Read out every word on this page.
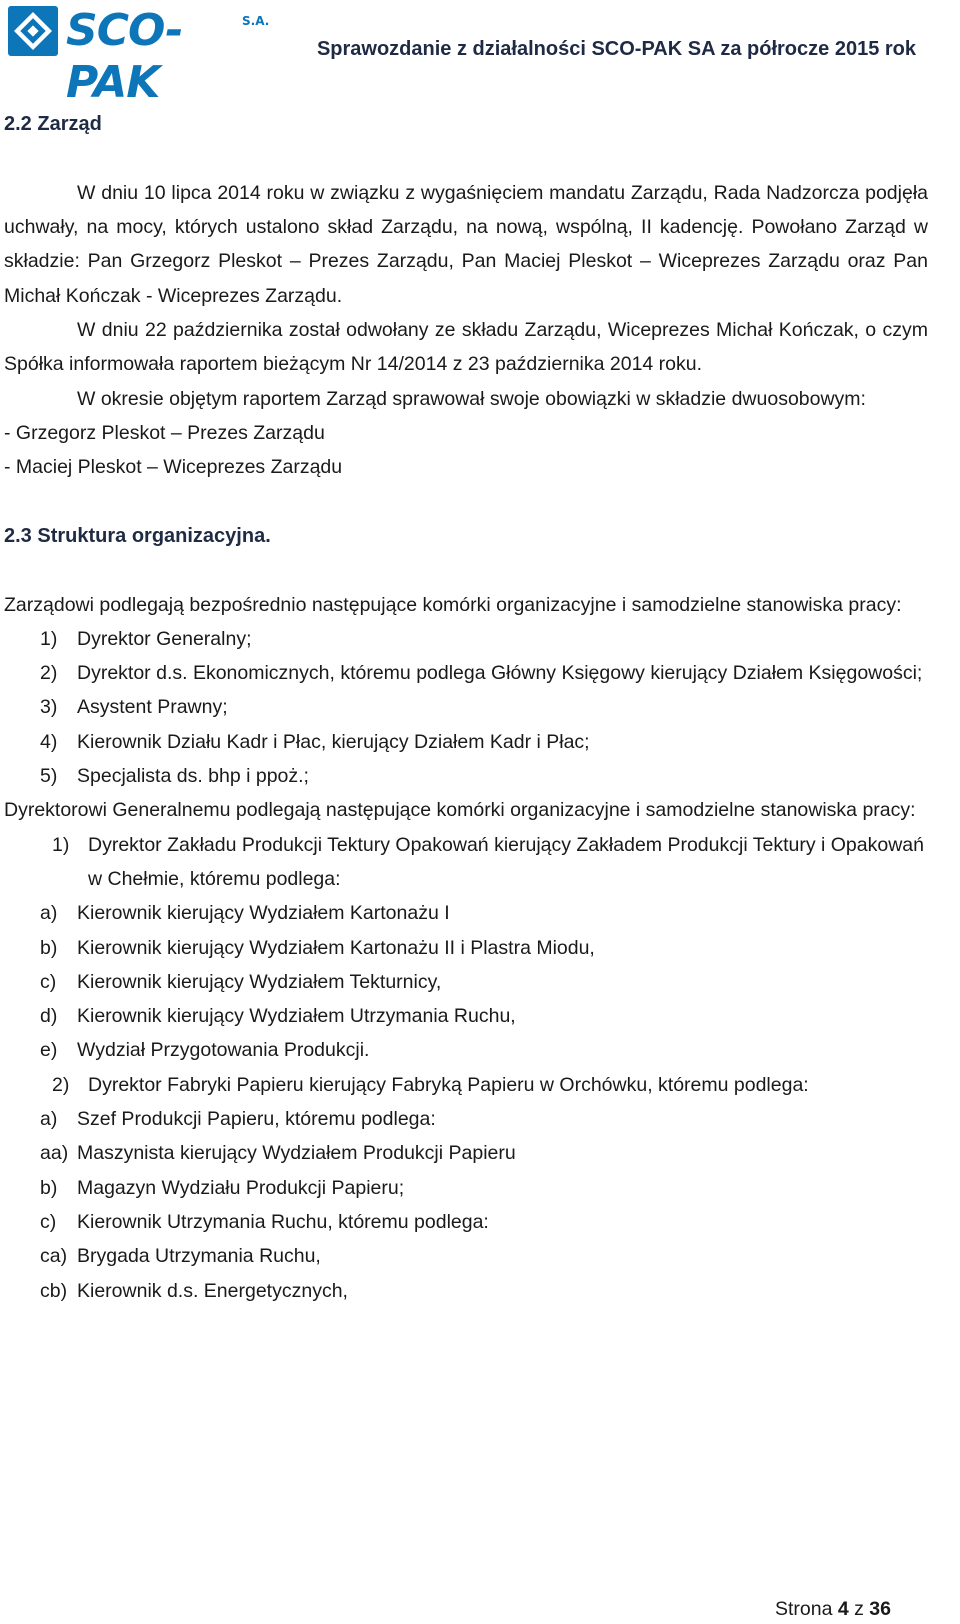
SCO-PAK
S.A.
Sprawozdanie z działalności SCO-PAK SA za półrocze 2015 rok

2.2 Zarząd

W dniu 10 lipca 2014 roku w związku z wygaśnięciem mandatu Zarządu, Rada Nadzorcza podjęła uchwały, na mocy, których ustalono skład Zarządu, na nową, wspólną, II kadencję. Powołano Zarząd w składzie: Pan Grzegorz Pleskot – Prezes Zarządu, Pan Maciej Pleskot – Wiceprezes Zarządu oraz Pan Michał Kończak - Wiceprezes Zarządu.

W dniu 22 października został odwołany ze składu Zarządu, Wiceprezes Michał Kończak, o czym Spółka informowała raportem bieżącym Nr 14/2014 z 23 października 2014 roku.

W okresie objętym raportem Zarząd sprawował swoje obowiązki w składzie dwuosobowym:

- Grzegorz Pleskot – Prezes Zarządu

- Maciej Pleskot – Wiceprezes Zarządu

2.3 Struktura organizacyjna.

Zarządowi podlegają bezpośrednio następujące komórki organizacyjne i samodzielne stanowiska pracy:

1) Dyrektor Generalny;
2) Dyrektor d.s. Ekonomicznych, któremu podlega Główny Księgowy kierujący Działem Księgowości;
3) Asystent Prawny;
4) Kierownik Działu Kadr i Płac, kierujący Działem Kadr i Płac;
5) Specjalista ds. bhp i ppoż.;

Dyrektorowi Generalnemu podlegają następujące komórki organizacyjne i samodzielne stanowiska pracy:

1) Dyrektor Zakładu Produkcji Tektury Opakowań kierujący Zakładem Produkcji Tektury i Opakowań w Chełmie, któremu podlega:
a) Kierownik kierujący Wydziałem Kartonażu I
b) Kierownik kierujący Wydziałem Kartonażu II i Plastra Miodu,
c) Kierownik kierujący Wydziałem Tekturnicy,
d) Kierownik kierujący Wydziałem Utrzymania Ruchu,
e) Wydział Przygotowania Produkcji.
2) Dyrektor Fabryki Papieru kierujący Fabryką Papieru w Orchówku, któremu podlega:
a) Szef Produkcji Papieru, któremu podlega:
aa) Maszynista kierujący Wydziałem Produkcji Papieru
b) Magazyn Wydziału Produkcji Papieru;
c) Kierownik Utrzymania Ruchu, któremu podlega:
ca) Brygada Utrzymania Ruchu,
cb) Kierownik d.s. Energetycznych,
Strona 4 z 36
